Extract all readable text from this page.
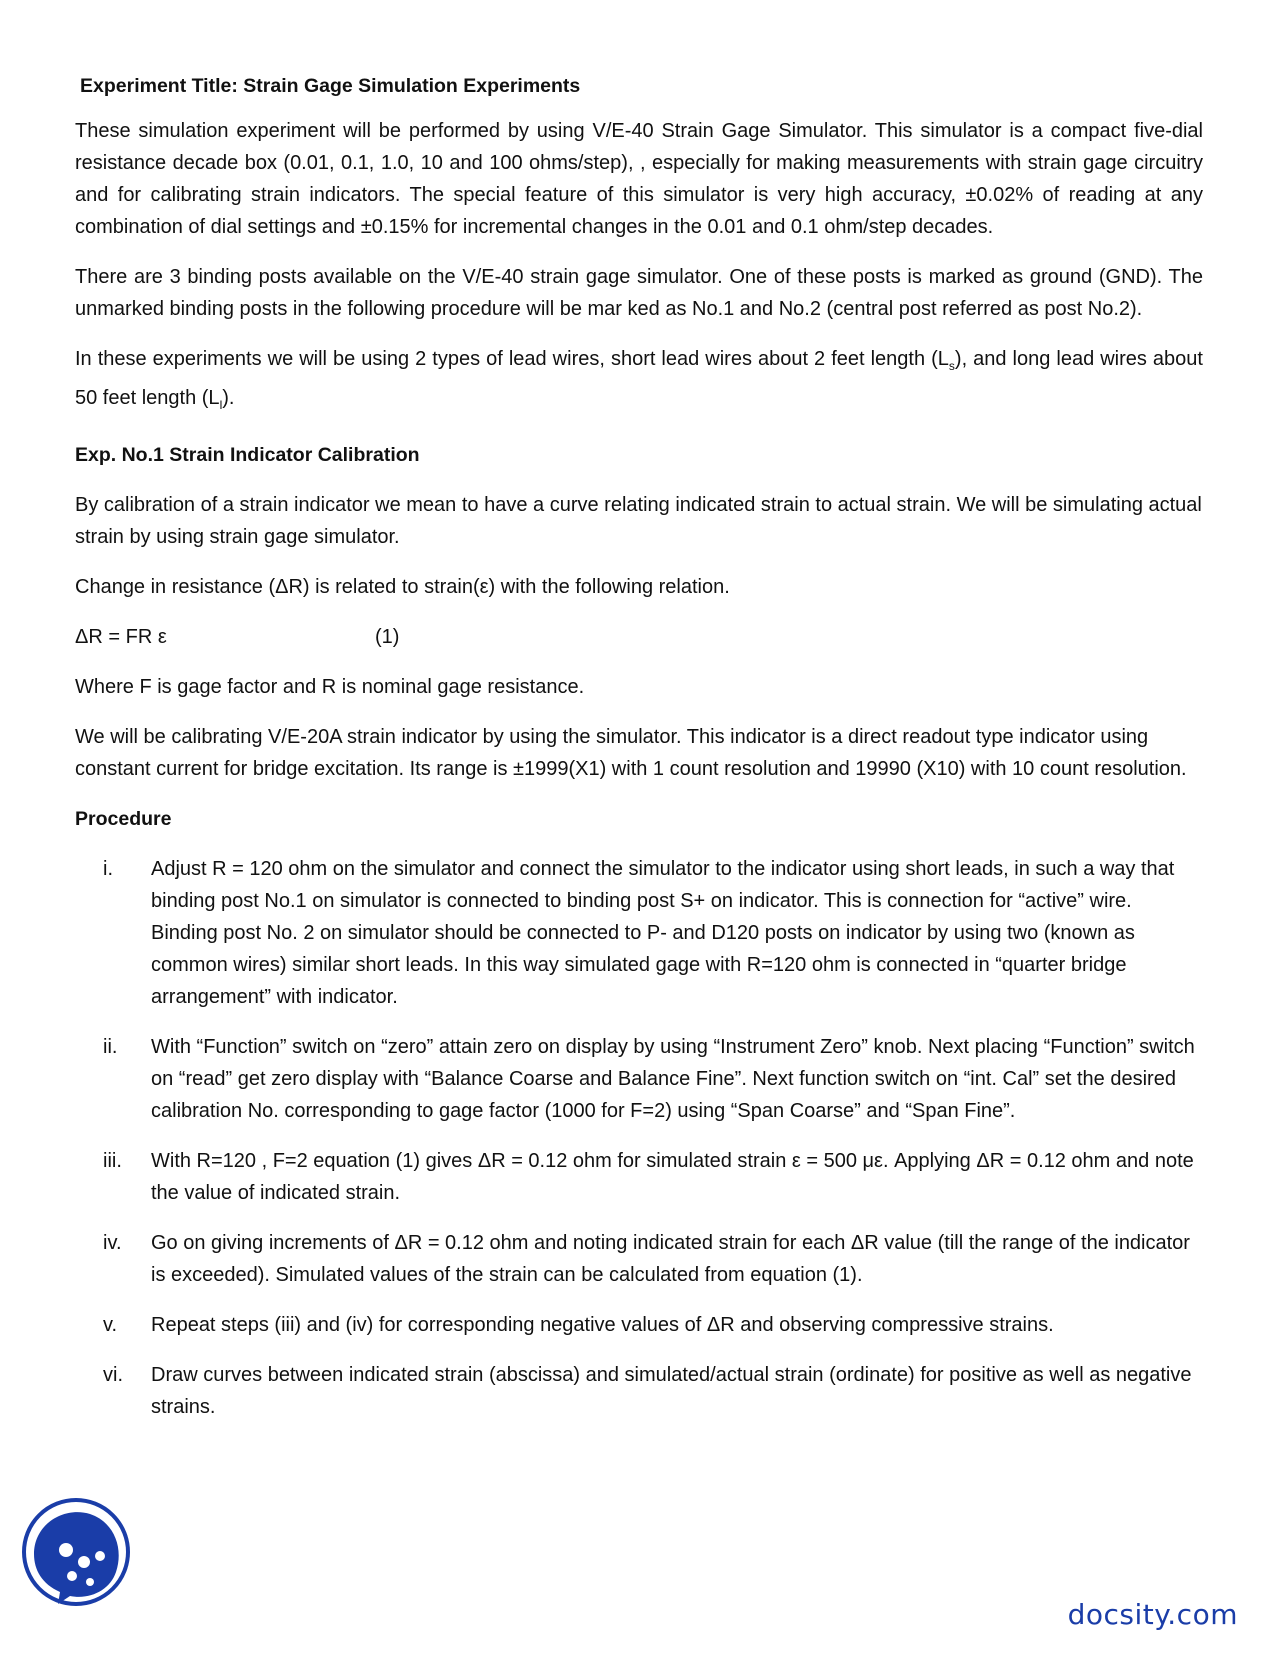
Experiment Title: Strain Gage Simulation Experiments

These simulation experiment will be performed by using V/E-40 Strain Gage Simulator. This simulator is a compact five-dial resistance decade box (0.01, 0.1, 1.0, 10 and 100 ohms/step), , especially for making measurements with strain gage circuitry and for calibrating strain indicators. The special feature of this simulator is very high accuracy, ±0.02% of reading at any combination of dial settings and ±0.15% for incremental changes in the 0.01 and 0.1 ohm/step decades.

There are 3 binding posts available on the V/E-40 strain gage simulator. One of these posts is marked as ground (GND). The unmarked binding posts in the following procedure will be mar ked as No.1 and No.2 (central post referred as post No.2).

In these experiments we will be using 2 types of lead wires, short lead wires about 2 feet length $(L_s)$, and long lead wires about 50 feet length $(L_l)$.

Exp. No.1 Strain Indicator Calibration

By calibration of a strain indicator we mean to have a curve relating indicated strain to actual strain. We will be simulating actual strain by using strain gage simulator.

Change in resistance (ΔR) is related to strain(ε) with the following relation.

ΔR = FR ε	(1)

Where F is gage factor and R is nominal gage resistance.

We will be calibrating V/E-20A strain indicator by using the simulator. This indicator is a direct readout type indicator using constant current for bridge excitation. Its range is ±1999(X1) with 1 count resolution and 19990 (X10) with 10 count resolution.

Procedure
i. Adjust R = 120 ohm on the simulator and connect the simulator to the indicator using short leads, in such a way that binding post No.1 on simulator is connected to binding post S+ on indicator. This is connection for “active” wire. Binding post No. 2 on simulator should be connected to P- and D120 posts on indicator by using two (known as common wires) similar short leads. In this way simulated gage with R=120 ohm is connected in “quarter bridge arrangement” with indicator.
ii. With “Function” switch on “zero” attain zero on display by using “Instrument Zero” knob. Next placing “Function” switch on “read” get zero display with “Balance Coarse and Balance Fine”. Next function switch on “int. Cal” set the desired calibration No. corresponding to gage factor (1000 for F=2) using “Span Coarse” and “Span Fine”.
iii. With R=120 , F=2 equation (1) gives ΔR = 0.12 ohm for simulated strain ε = 500 με. Applying ΔR = 0.12 ohm and note the value of indicated strain.
iv. Go on giving increments of ΔR = 0.12 ohm and noting indicated strain for each ΔR value (till the range of the indicator is exceeded). Simulated values of the strain can be calculated from equation (1).
v. Repeat steps (iii) and (iv) for corresponding negative values of ΔR and observing compressive strains.
vi. Draw curves between indicated strain (abscissa) and simulated/actual strain (ordinate) for positive as well as negative strains.
docsity.com
